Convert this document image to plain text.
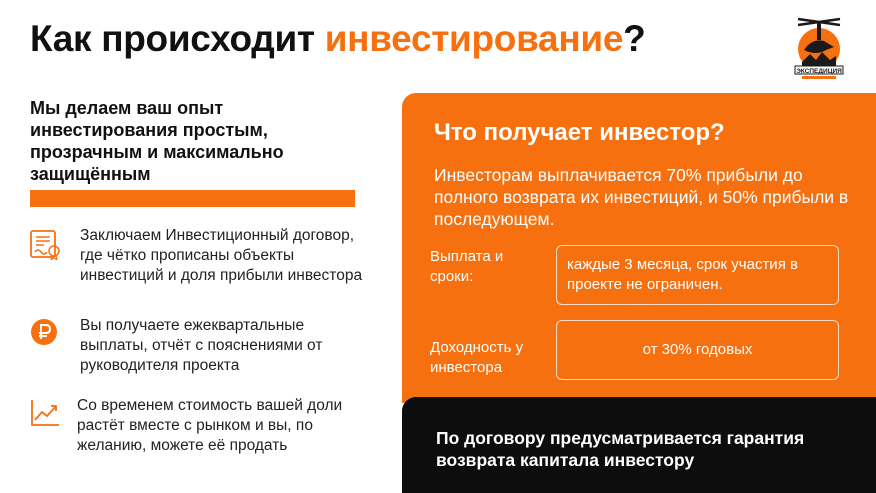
Как происходит инвестирование?
ЭКСПЕДИЦИЯ
Мы делаем ваш опыт инвестирования простым, прозрачным и максимально защищённым
Заключаем Инвестиционный договор, где чётко прописаны объекты инвестиций и доля прибыли инвестора
Вы получаете ежеквартальные выплаты, отчёт с пояснениями от руководителя проекта
Со временем стоимость вашей доли растёт вместе с рынком и вы, по желанию, можете её продать
Что получает инвестор?
Инвесторам выплачивается 70% прибыли до полного возврата их инвестиций, и 50% прибыли в последующем.
Выплата и сроки:
каждые 3 месяца, срок участия в проекте не ограничен.
Доходность у инвестора
от 30% годовых
По договору предусматривается гарантия возврата капитала инвестору
